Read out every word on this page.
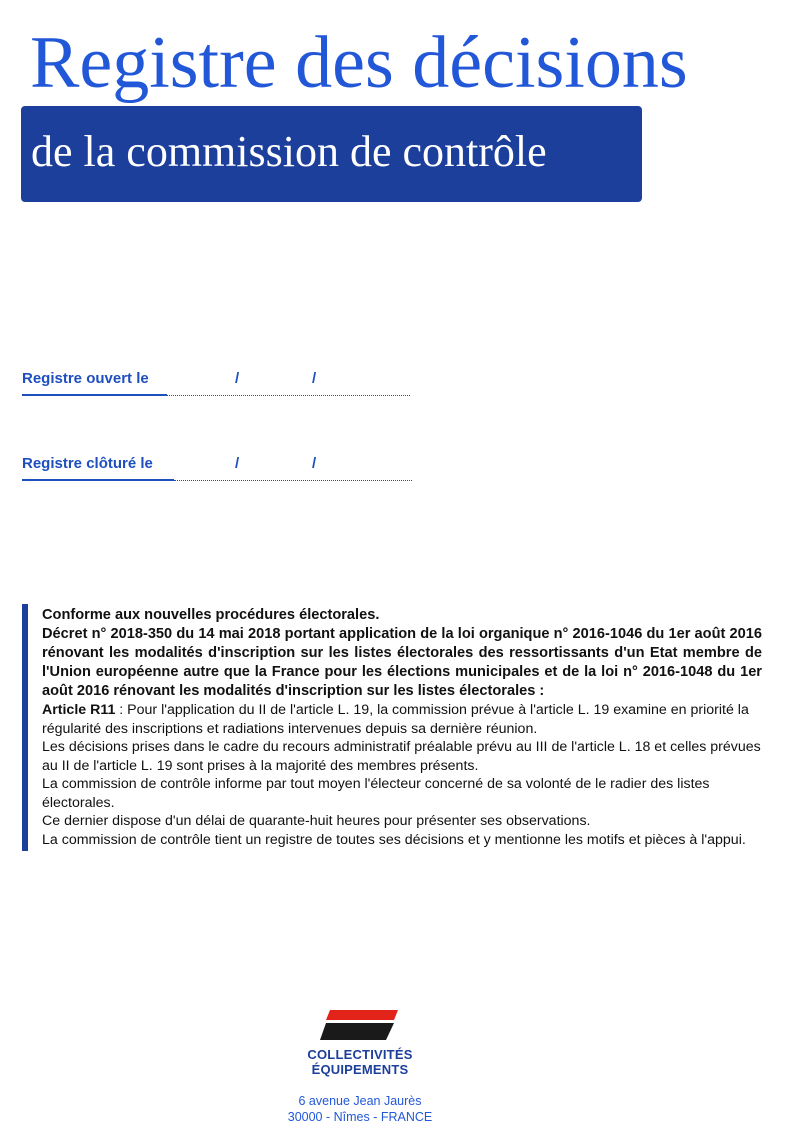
Registre des décisions
de la commission de contrôle
Registre ouvert le	/	/
Registre clôturé le	/	/

Conforme aux nouvelles procédures électorales.

Décret n° 2018-350 du 14 mai 2018 portant application de la loi organique n° 2016-1046 du 1er août 2016 rénovant les modalités d'inscription sur les listes électorales des ressortissants d'un Etat membre de l'Union européenne autre que la France pour les élections municipales et de la loi n° 2016-1048 du 1er août 2016 rénovant les modalités d'inscription sur les listes électorales :

Article R11 : Pour l'application du II de l'article L. 19, la commission prévue à l'article L. 19 examine en priorité la régularité des inscriptions et radiations intervenues depuis sa dernière réunion.

Les décisions prises dans le cadre du recours administratif préalable prévu au III de l'article L. 18 et celles prévues au II de l'article L. 19 sont prises à la majorité des membres présents.

La commission de contrôle informe par tout moyen l'électeur concerné de sa volonté de le radier des listes électorales.

Ce dernier dispose d'un délai de quarante-huit heures pour présenter ses observations.

La commission de contrôle tient un registre de toutes ses décisions et y mentionne les motifs et pièces à l'appui.

COLLECTIVITÉS
ÉQUIPEMENTS
6 avenue Jean Jaurès
30000 - Nîmes - FRANCE
